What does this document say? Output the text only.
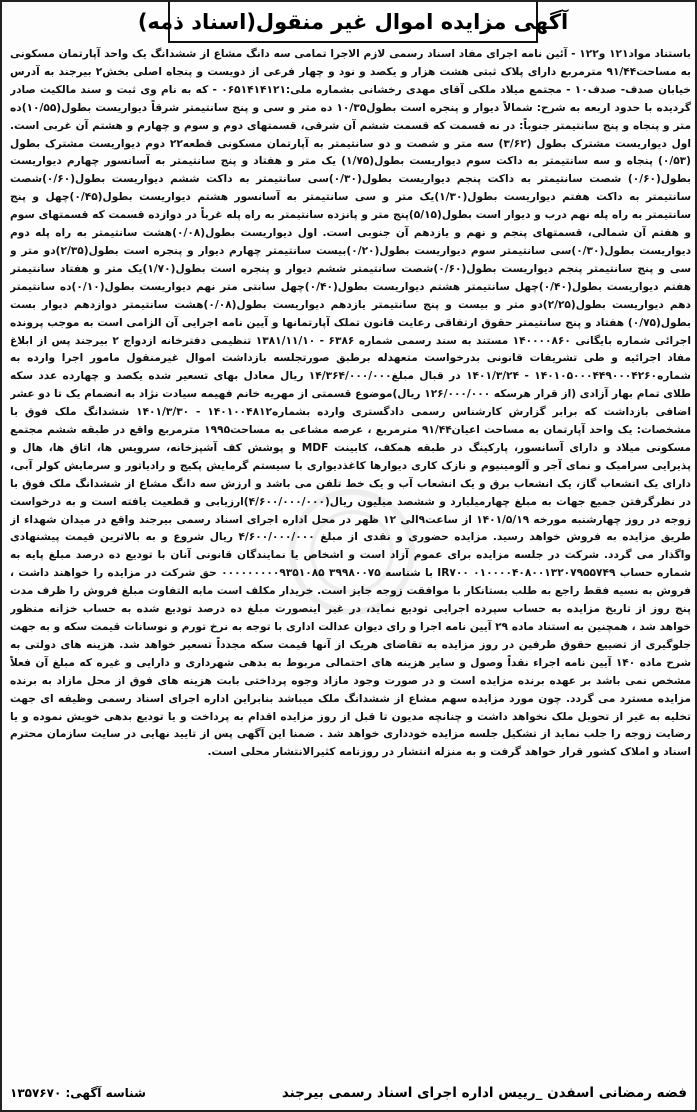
آگهی مزایده اموال غیر منقول(اسناد ذمه)
باستناد مواد۱۲۱ و۱۲۲ - آئین نامه اجرای مفاد اسناد رسمی لازم الاجرا تمامی سه دانگ مشاع از ششدانگ یک واحد آپارتمان مسکونی به مساحت۹۱/۴۴ مترمربع دارای پلاک ثبتی هشت هزار و یکصد و نود و چهار فرعی از دویست و پنجاه اصلی بخش۲ بیرجند به آدرس خیابان صدف- صدف۱۰ - مجتمع میلاد ملکی آقای مهدی رخشانی بشماره ملی:۰۶۵۱۴۱۴۱۲۱ - که به نام وی ثبت و سند مالکیت صادر گردیده با حدود اربعه به شرح: شمالاً دیوار و پنجره است بطول۱۰/۳۵ ده متر و سی و پنج سانتیمتر شرقاً دیواریست بطول(۱۰/۵۵)ده متر و پنجاه و پنج سانتیمتر جنوباً: در نه قسمت که قسمت ششم آن شرقی، قسمتهای دوم و سوم و چهارم و هشتم آن غربی است. اول دیواریست مشترک بطول (۳/۶۲) سه متر و شصت و دو سانتیمتر به آپارتمان مسکونی قطعه۲۲ دوم دیواریست مشترک بطول (۰/۵۳) پنجاه و سه سانتیمتر به داکت سوم دیواریست بطول(۱/۷۵) یک متر و هفتاد و پنج سانتیمتر به آسانسور چهارم دیواریست بطول(۰/۶۰) شصت سانتیمتر به داکت پنجم دیواریست بطول(۰/۳۰)سی سانتیمتر به داکت ششم دیواریست بطول(۰/۶۰)شصت سانتیمتر به داکت هفتم دیواریست بطول(۱/۳۰)یک متر و سی سانتیمتر به آسانسور هشتم دیواریست بطول(۰/۴۵)چهل و پنج سانتیمتر به راه پله نهم درب و دیوار است بطول(۵/۱۵)پنج متر و پانزده سانتیمتر به راه پله غرباً در دوازده قسمت که قسمتهای سوم و هفتم آن شمالی، قسمتهای پنجم و نهم و یازدهم آن جنوبی است. اول دیواریست بطول(۰/۰۸)هشت سانتیمتر به راه پله دوم دیواریست بطول(۰/۳۰)سی سانتیمتر سوم دیواریست بطول(۰/۲۰)بیست سانتیمتر چهارم دیوار و پنجره است بطول(۲/۳۵)دو متر و سی و پنج سانتیمتر پنجم دیواریست بطول(۰/۶۰)شصت سانتیمتر ششم دیوار و پنجره است بطول(۱/۷۰)یک متر و هفتاد سانتیمتر هفتم دیواریست بطول(۰/۴۰)چهل سانتیمتر هشتم دیواریست بطول(۰/۴۰)چهل سانتی متر نهم دیواریست بطول(۰/۱۰)ده سانتیمتر دهم دیواریست بطول(۲/۲۵)دو متر و بیست و پنج سانتیمتر یازدهم دیواریست بطول(۰/۰۸)هشت سانتیمتر دوازدهم دیوار بست بطول(۰/۷۵) هفتاد و پنج سانتیمتر حقوق ارتفاقی رعایت قانون تملک آپارتمانها و آیین نامه اجرایی آن الزامی است به موجب پرونده اجرائی شماره بایگانی ۱۴۰۰۰۰۸۶۰ مستند به سند رسمی شماره ۶۳۸۶ - ۱۳۸۱/۱۱/۱۰ تنظیمی دفترخانه ازدواج ۲ بیرجند پس از ابلاغ مفاد اجرائیه و طی تشریفات قانونی بدرخواست متعهدله برطبق صورتجلسه بازداشت اموال غیرمنقول مامور اجرا وارده به شماره۱۴۰۱۰۵۰۰۰۴۴۹۰۰۰۴۲۶۰ - ۱۴۰۱/۳/۲۴ در قبال مبلغ۱۴/۳۶۴/۰۰۰/۰۰۰ ریال معادل بهای تسعیر شده یکصد و چهارده عدد سکه طلای تمام بهار آزادی (از قرار هرسکه ۱۲۶/۰۰۰/۰۰۰ ریال)موضوع قسمتی از مهریه خانم فهیمه سیادت نژاد به انضمام یک تا دو عشر اضافی بازداشت که برابر گزارش کارشناس رسمی دادگستری وارده بشماره۱۴۰۱۰۰۴۸۱۲ - ۱۴۰۱/۳/۳۰ ششدانگ ملک فوق با مشخصات: یک واحد آپارتمان به مساحت اعیان۹۱/۴۴ مترمربع ، عرصه مشاعی به مساحت۱۹۹۵ مترمربع واقع در طبقه ششم مجتمع مسکونی میلاد و دارای آسانسور، پارکینگ در طبقه همکف، کابینت MDF و پوشش کف آشپزخانه، سرویس ها، اتاق ها، هال و پذیرایی سرامیک و نمای آجر و آلومینیوم و نازک کاری دیوارها کاغذدیواری با سیستم گرمایش پکیج و رادیاتور و سرمایش کولر آبی، دارای یک انشعاب گاز، یک انشعاب برق و یک انشعاب آب و یک خط تلفن می باشد و ارزش سه دانگ مشاع از ششدانگ ملک فوق با در نظرگرفتن جمیع جهات به مبلغ چهارمیلیارد و ششصد میلیون ریال(۴/۶۰۰/۰۰۰/۰۰۰)ارزیابی و قطعیت یافته است و به درخواست زوجه در روز چهارشنبه مورخه ۱۴۰۱/۵/۱۹ از ساعت۹الی ۱۲ ظهر در محل اداره اجرای اسناد رسمی بیرجند واقع در میدان شهداء از طریق مزایده به فروش خواهد رسید. مزایده حضوری و نقدی از مبلغ ۴/۶۰۰/۰۰۰/۰۰۰ ریال شروع و به بالاترین قیمت پیشنهادی واگذار می گردد. شرکت در جلسه مزایده برای عموم آزاد است و اشخاص یا نمایندگان قانونی آنان با تودیع ده درصد مبلغ پایه به شماره حساب ۰۱۰۰۰۰۴۰۸۰۰۱۳۲۰۷۹۵۵۷۴۹ IR۷۰۰ با شناسه ۳۹۹۸۰۰۷۵ ۰۰۰۰۰۰۰۰۰۹۳۵۱۰۸۵ حق شرکت در مزایده را خواهند داشت ، فروش به نسیه فقط راجع به طلب بستانکار با موافقت زوجه جایز است. خریدار مکلف است مابه التفاوت مبلغ فروش را ظرف مدت پنج روز از تاریخ مزایده به حساب سپرده اجرایی تودیع نماید، در غیر اینصورت مبلغ ده درصد تودیع شده به حساب خزانه منظور خواهد شد ، همچنین به استناد ماده ۲۹ آیین نامه اجرا و رای دیوان عدالت اداری با توجه به نرخ تورم و نوسانات قیمت سکه و به جهت جلوگیری از تضییع حقوق طرفین در روز مزایده به تقاضای هریک از آنها قیمت سکه مجدداً تسعیر خواهد شد. هزینه های دولتی به شرح ماده ۱۴۰ آیین نامه اجراء نقداً وصول و سایر هزینه های احتمالی مربوط به بدهی شهرداری و دارایی و غیره که مبلغ آن فعلاً مشخص نمی باشد بر عهده برنده مزایده است و در صورت وجود مازاد وجوه پرداختی بابت هزینه های فوق از محل مازاد به برنده مزایده مسترد می گردد. چون مورد مزایده سهم مشاع از ششدانگ ملک میباشد بنابراین اداره اجرای اسناد رسمی وظیفه ای جهت تخلیه به غیر از تحویل ملک نخواهد داشت و چنانچه مدیون تا قبل از روز مزایده اقدام به پرداخت و یا تودیع بدهی خویش نموده و یا رضایت زوجه را جلب نماید از تشکیل جلسه مزایده خودداری خواهد شد . ضمنا این آگهی پس از تایید نهایی در سایت سازمان محترم اسناد و املاک کشور قرار خواهد گرفت و به منزله انتشار در روزنامه کثیرالانتشار محلی است.
فضه رمضانی اسفدن _رییس اداره اجرای اسناد رسمی بیرجند
شناسه آگهی: ۱۳۵۷۶۷۰
